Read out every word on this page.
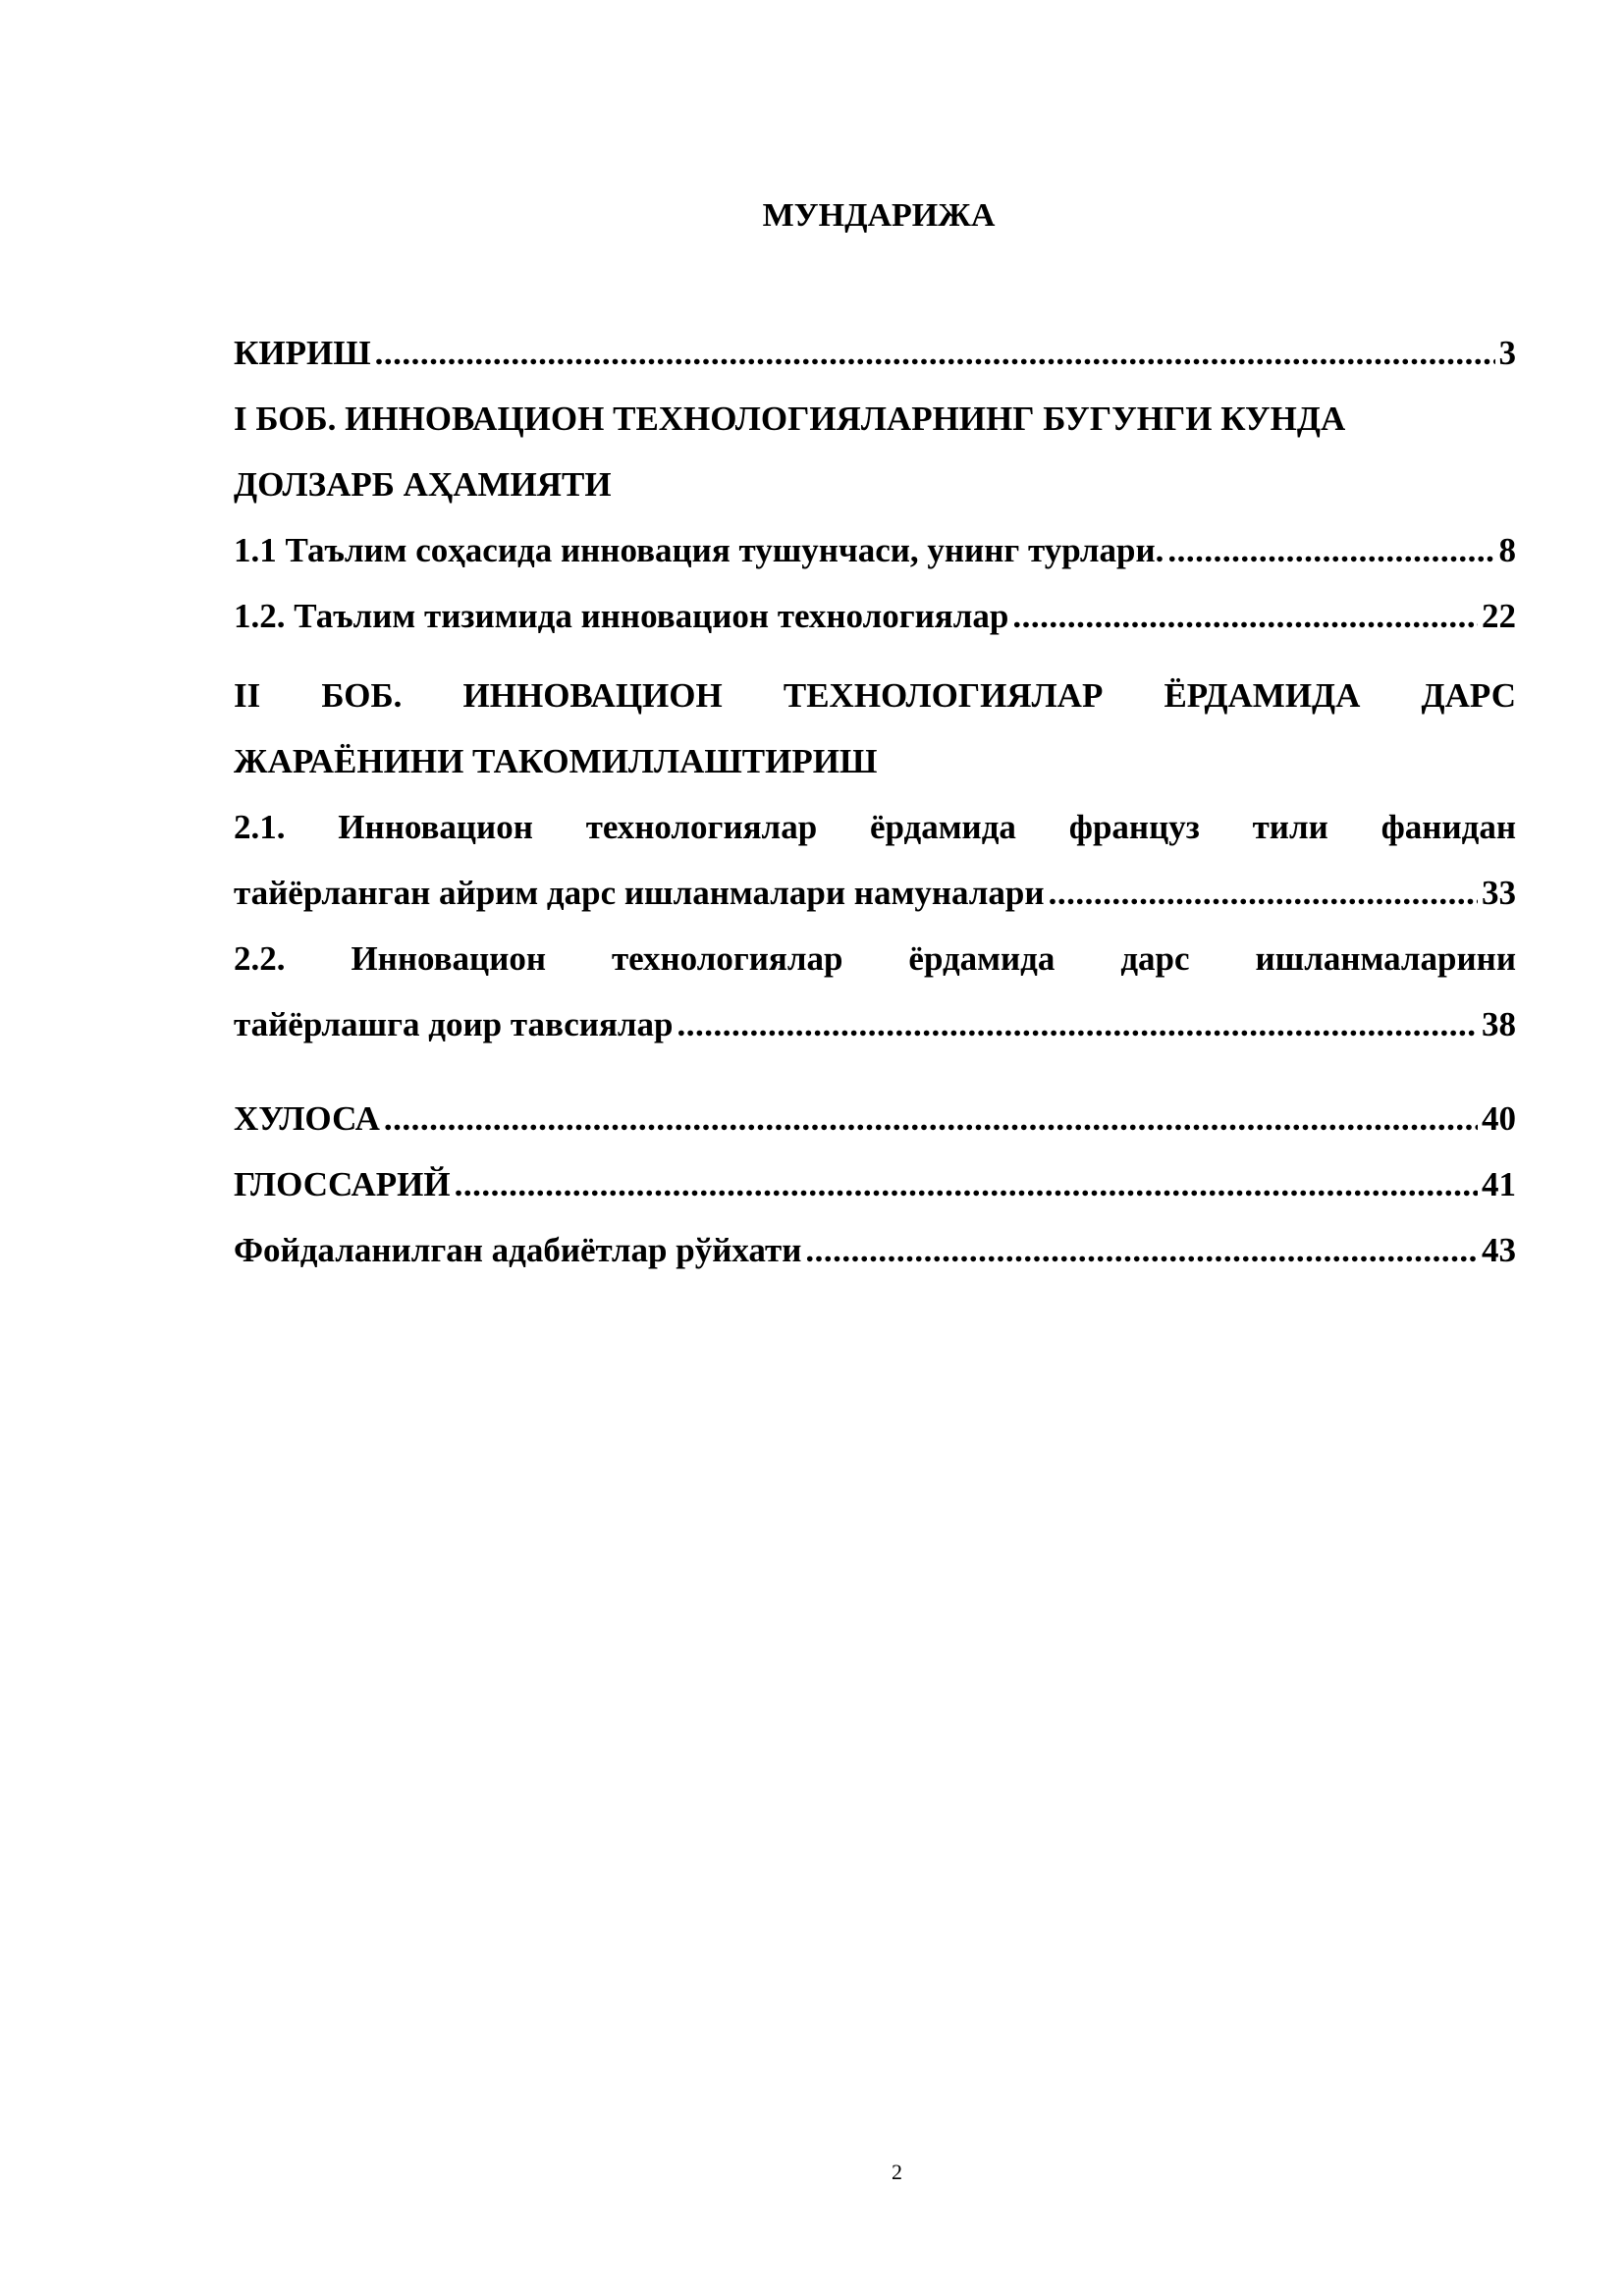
МУНДАРИЖА
КИРИШ .....	3
I БОБ. ИННОВАЦИОН ТЕХНОЛОГИЯЛАРНИНГ БУГУНГИ КУНДА
ДОЛЗАРБ АҲАМИЯТИ
1.1 Таълим соҳасида инновация тушунчаси, унинг турлари. .....	8
1.2. Таълим тизимида инновацион технологиялар .....	22
II БОБ. ИННОВАЦИОН ТЕХНОЛОГИЯЛАР ЁРДАМИДА ДАРС
ЖАРАЁНИНИ ТАКОМИЛЛАШТИРИШ
2.1. Инновацион технологиялар ёрдамида француз тили фанидан
тайёрланган айрим дарс ишланмалари намуналари .....	33
2.2. Инновацион технологиялар ёрдамида дарс ишланмаларини
тайёрлашга доир тавсиялар .....	38
ХУЛОСА .....	40
ГЛОССАРИЙ .....	41
Фойдаланилган адабиётлар рўйхати .....	43
2
